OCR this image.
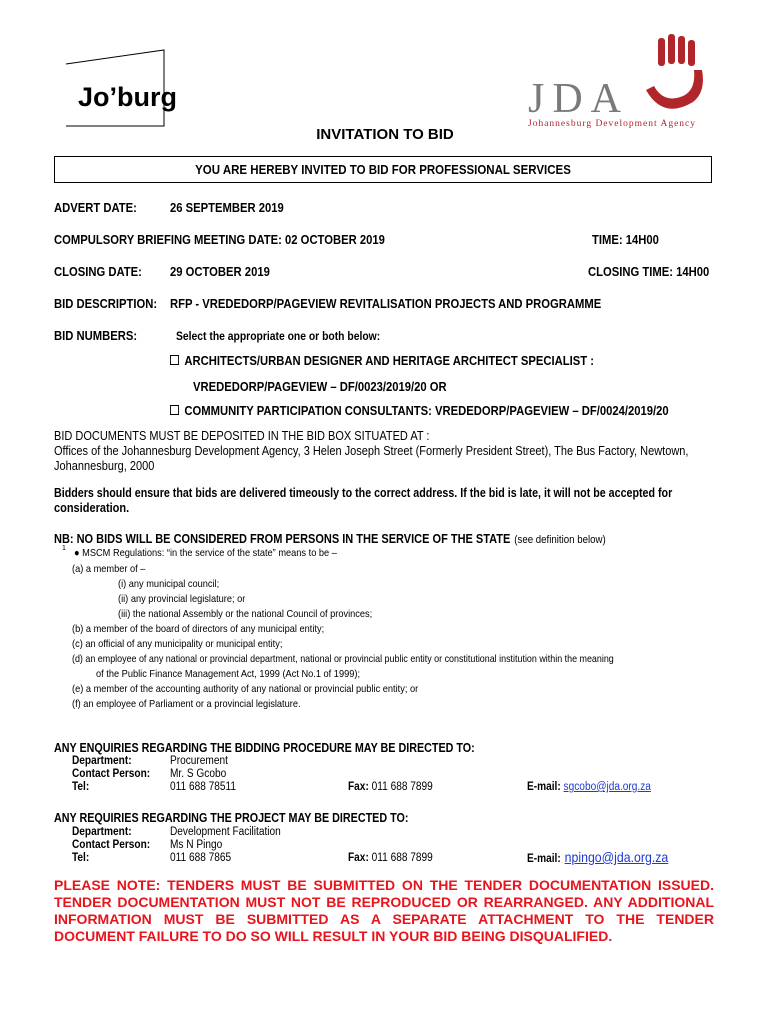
Jo’burg	JDA
Johannesburg Development Agency
INVITATION TO BID
YOU ARE HEREBY INVITED TO BID FOR PROFESSIONAL SERVICES
ADVERT DATE:	26 SEPTEMBER 2019
COMPULSORY BRIEFING MEETING DATE: 02 OCTOBER 2019	TIME: 14H00
CLOSING DATE: 29 OCTOBER 2019	CLOSING TIME: 14H00
BID DESCRIPTION: RFP - VREDEDORP/PAGEVIEW REVITALISATION PROJECTS AND PROGRAMME
BID NUMBERS:	Select the appropriate one or both below:
ARCHITECTS/URBAN DESIGNER AND HERITAGE ARCHITECT SPECIALIST :
VREDEDORP/PAGEVIEW – DF/0023/2019/20 OR
COMMUNITY PARTICIPATION CONSULTANTS: VREDEDORP/PAGEVIEW – DF/0024/2019/20
BID DOCUMENTS MUST BE DEPOSITED IN THE BID BOX SITUATED AT :
Offices of the Johannesburg Development Agency, 3 Helen Joseph Street (Formerly President Street), The Bus Factory, Newtown,
Johannesburg, 2000
Bidders should ensure that bids are delivered timeously to the correct address. If the bid is late, it will not be accepted for
consideration.
NB: NO BIDS WILL BE CONSIDERED FROM PERSONS IN THE SERVICE OF THE STATE (see definition below)
1 ● MSCM Regulations: “in the service of the state” means to be –
(a) a member of –
(i) any municipal council;
(ii) any provincial legislature; or
(iii) the national Assembly or the national Council of provinces;
(b) a member of the board of directors of any municipal entity;
(c) an official of any municipality or municipal entity;
(d) an employee of any national or provincial department, national or provincial public entity or constitutional institution within the meaning
of the Public Finance Management Act, 1999 (Act No.1 of 1999);
(e) a member of the accounting authority of any national or provincial public entity; or
(f) an employee of Parliament or a provincial legislature.
ANY ENQUIRIES REGARDING THE BIDDING PROCEDURE MAY BE DIRECTED TO:
Department:	Procurement
Contact Person: Mr. S Gcobo
Tel:	011 688 78511	Fax: 011 688 7899	E-mail: sgcobo@jda.org.za
ANY REQUIRIES REGARDING THE PROJECT MAY BE DIRECTED TO:
Department:	Development Facilitation
Contact Person: Ms N Pingo
Tel:	011 688 7865	Fax: 011 688 7899	E-mail: npingo@jda.org.za
PLEASE NOTE: TENDERS MUST BE SUBMITTED ON THE TENDER DOCUMENTATION ISSUED. TENDER DOCUMENTATION MUST NOT BE REPRODUCED OR REARRANGED. ANY ADDITIONAL INFORMATION MUST BE SUBMITTED AS A SEPARATE ATTACHMENT TO THE TENDER DOCUMENT FAILURE TO DO SO WILL RESULT IN YOUR BID BEING DISQUALIFIED.
